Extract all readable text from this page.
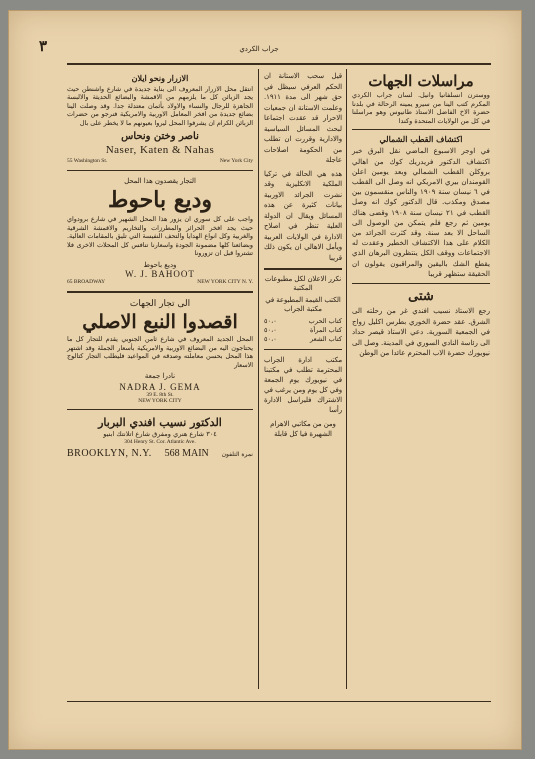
٣	جراب الكردي
مراسلات الجهات

ووسترن انسلفانيا وانيل. لسان جراب الكردي المكرم كتب الينا من سيرو يمينه الرحالة في بلدنا حضرة الاخ الفاضل الاستاذ طانيوس وهو مراسلنا في كل من الولايات المتحدة وكندا

اكتشاف القطب الشمالي

في اوجر الاسبوع الماضي نقل البرق خبر اكتشاف الدكتور فريدريك كوك من اهالي بروكلن القطب الشمالي وبعد يومين اعلن القومندان بيري الامريكي انه وصل الى القطب في ٦ نيسان سنة ١٩٠٩ والناس منقسمون بين مصدق ومكذب. قال الدكتور كوك انه وصل القطب في ٢١ نيسان سنة ١٩٠٨ وقضى هناك يومين ثم رجع فلم يتمكن من الوصول الى الساحل الا بعد سنة. وقد كثرت الجرائد من الكلام على هذا الاكتشاف الخطير وعقدت له الاجتماعات ووقف الكل ينتظرون البرهان الذي يقطع الشك باليقين والمراقبون يقولون ان الحقيقة ستظهر قريبا

شتى

رجع الاستاذ نسيب افندي غر من رحلته الى الشرق. عقد حضرة الخوري بطرس اكليل زواج في الجمعية السورية. دعي الاستاذ قيصر حداد الى رئاسة النادي السوري في المدينة. وصل الى نيويورك حضرة الاب المحترم عائدا من الوطن

قيل سحب الاستانة ان الحكم العرفي سيظل في حق شهر الى مدة ١٩١١. وعلمت الاستانة ان جمعيات الاحرار قد عقدت اجتماعا لبحث المسائل السياسية والادارية وقررت ان تطلب من الحكومة اصلاحات عاجلة

هذه هي الحالة في تركيا الملكية الانكليزية وقد نشرت الجرائد الاوربية بيانات كثيرة عن هذه المسائل ويقال ان الدولة العلية تنظر في اصلاح الادارة في الولايات العربية ويأمل الاهالي ان يكون ذلك قريبا

نكرر الاعلان لكل مطبوعات المكتبة
الكتب القيمة المطبوعة في مكتبة الجراب
كتاب الحرب
٥٠،٠
كتاب المرأة
٥٠،٠
كتاب الشعر
٥٠،٠

مكتب ادارة الجراب المحترمة تطلب في مكتبنا في نيويورك يوم الجمعة وفي كل يوم ومن يرغب في الاشتراك فليراسل الادارة رأسا

ومن من مكاتبي الاهرام الشهيرة فيا كل قابلة
الازرار ونحو ايلان

انتقل محل الازرار المعروف الى بناية جديدة في شارع واشنطن حيث يجد الزبائن كل ما يلزمهم من الاقمشة والبضائع الحديثة والالبسة الجاهزة للرجال والنساء والاولاد بأثمان معتدلة جدا. وقد وصلت الينا بضائع جديدة من افخر المعامل الاوربية والامريكية فنرجو من حضرات الزبائن الكرام ان يشرفوا المحل ليروا بعيونهم ما لا يخطر على بال

ناصر وختن ونحاس
Naser, Katen & Nahas
55 Washington St.	New York City
التجار يقصدون هذا المحل
وديع باحوط

واجب على كل سوري ان يزور هذا المحل الشهير في شارع برودواي حيث يجد افخر الحرائر والمطرزات والتخاريم والاقمشة الشرقية والغربية وكل انواع الهدايا والتحف النفيسة التي تليق بالمقامات العالية. وبضائعنا كلها مضمونة الجودة واسعارنا تنافس كل المحلات الاخرى فلا تشتروا قبل ان تزورونا

وديع باحوط
W. J. BAHOOT
65 BROADWAY	NEW YORK CITY N. Y.
الى تجار الجهات
اقصدوا النبع الاصلي

المحل الجديد المعروف في شارع ثامن الجنوبي يقدم للتجار كل ما يحتاجون اليه من البضائع الاوربية والامريكية بأسعار الجملة وقد اشتهر هذا المحل بحسن معاملته وصدقه في المواعيد فليطلب التجار كتالوج الاسعار

نادرا جمعة
NADRA J. GEMA
39 E. 8th St.
NEW YORK CITY
الدكتور نسيب افندي البربار
٣٠٤ شارع هنري ومفرق شارع اتلانتك ابنيو
304 Henry St. Cor. Atlantic Ave.
BROOKLYN, N.Y. 568 MAIN نمرة التلفون
